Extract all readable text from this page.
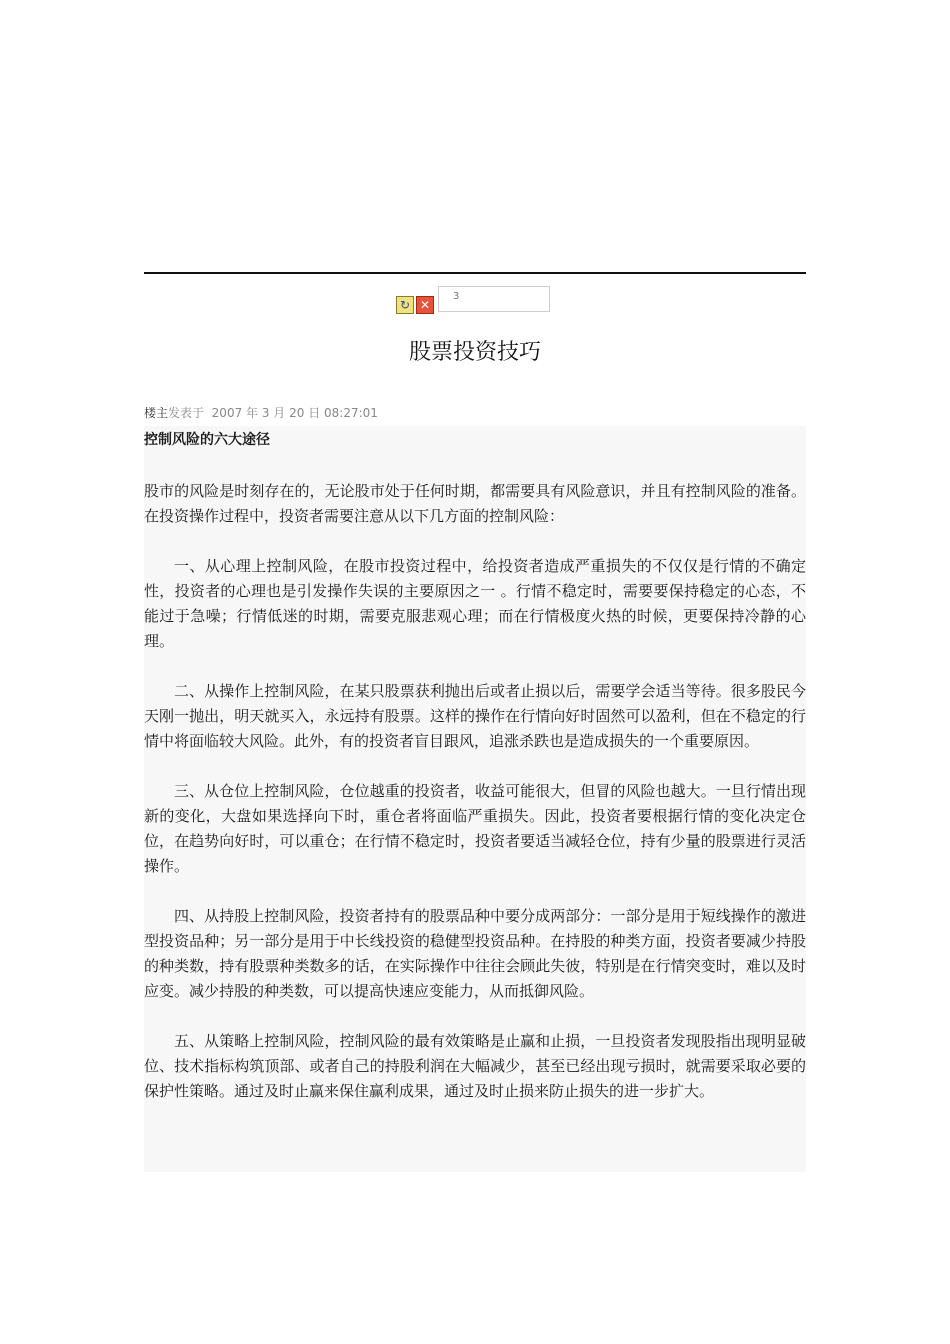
↻ ✕
3
股票投资技巧
楼主发表于 2007 年 3 月 20 日 08:27:01

控制风险的六大途径

股市的风险是时刻存在的，无论股市处于任何时期，都需要具有风险意识，并且有控制风险的准备。在投资操作过程中，投资者需要注意从以下几方面的控制风险：

一、从心理上控制风险，在股市投资过程中，给投资者造成严重损失的不仅仅是行情的不确定性，投资者的心理也是引发操作失误的主要原因之一 。行情不稳定时，需要要保持稳定的心态，不能过于急噪；行情低迷的时期，需要克服悲观心理；而在行情极度火热的时候，更要保持冷静的心理。

二、从操作上控制风险，在某只股票获利抛出后或者止损以后，需要学会适当等待。很多股民今天刚一抛出，明天就买入，永远持有股票。这样的操作在行情向好时固然可以盈利，但在不稳定的行情中将面临较大风险。此外，有的投资者盲目跟风，追涨杀跌也是造成损失的一个重要原因。

三、从仓位上控制风险，仓位越重的投资者，收益可能很大，但冒的风险也越大。一旦行情出现新的变化，大盘如果选择向下时，重仓者将面临严重损失。因此，投资者要根据行情的变化决定仓位，在趋势向好时，可以重仓；在行情不稳定时，投资者要适当减轻仓位，持有少量的股票进行灵活操作。

四、从持股上控制风险，投资者持有的股票品种中要分成两部分：一部分是用于短线操作的激进型投资品种；另一部分是用于中长线投资的稳健型投资品种。在持股的种类方面，投资者要减少持股的种类数，持有股票种类数多的话，在实际操作中往往会顾此失彼，特别是在行情突变时，难以及时应变。减少持股的种类数，可以提高快速应变能力，从而抵御风险。

五、从策略上控制风险，控制风险的最有效策略是止赢和止损，一旦投资者发现股指出现明显破位、技术指标构筑顶部、或者自己的持股利润在大幅减少，甚至已经出现亏损时，就需要采取必要的保护性策略。通过及时止赢来保住赢利成果，通过及时止损来防止损失的进一步扩大。
